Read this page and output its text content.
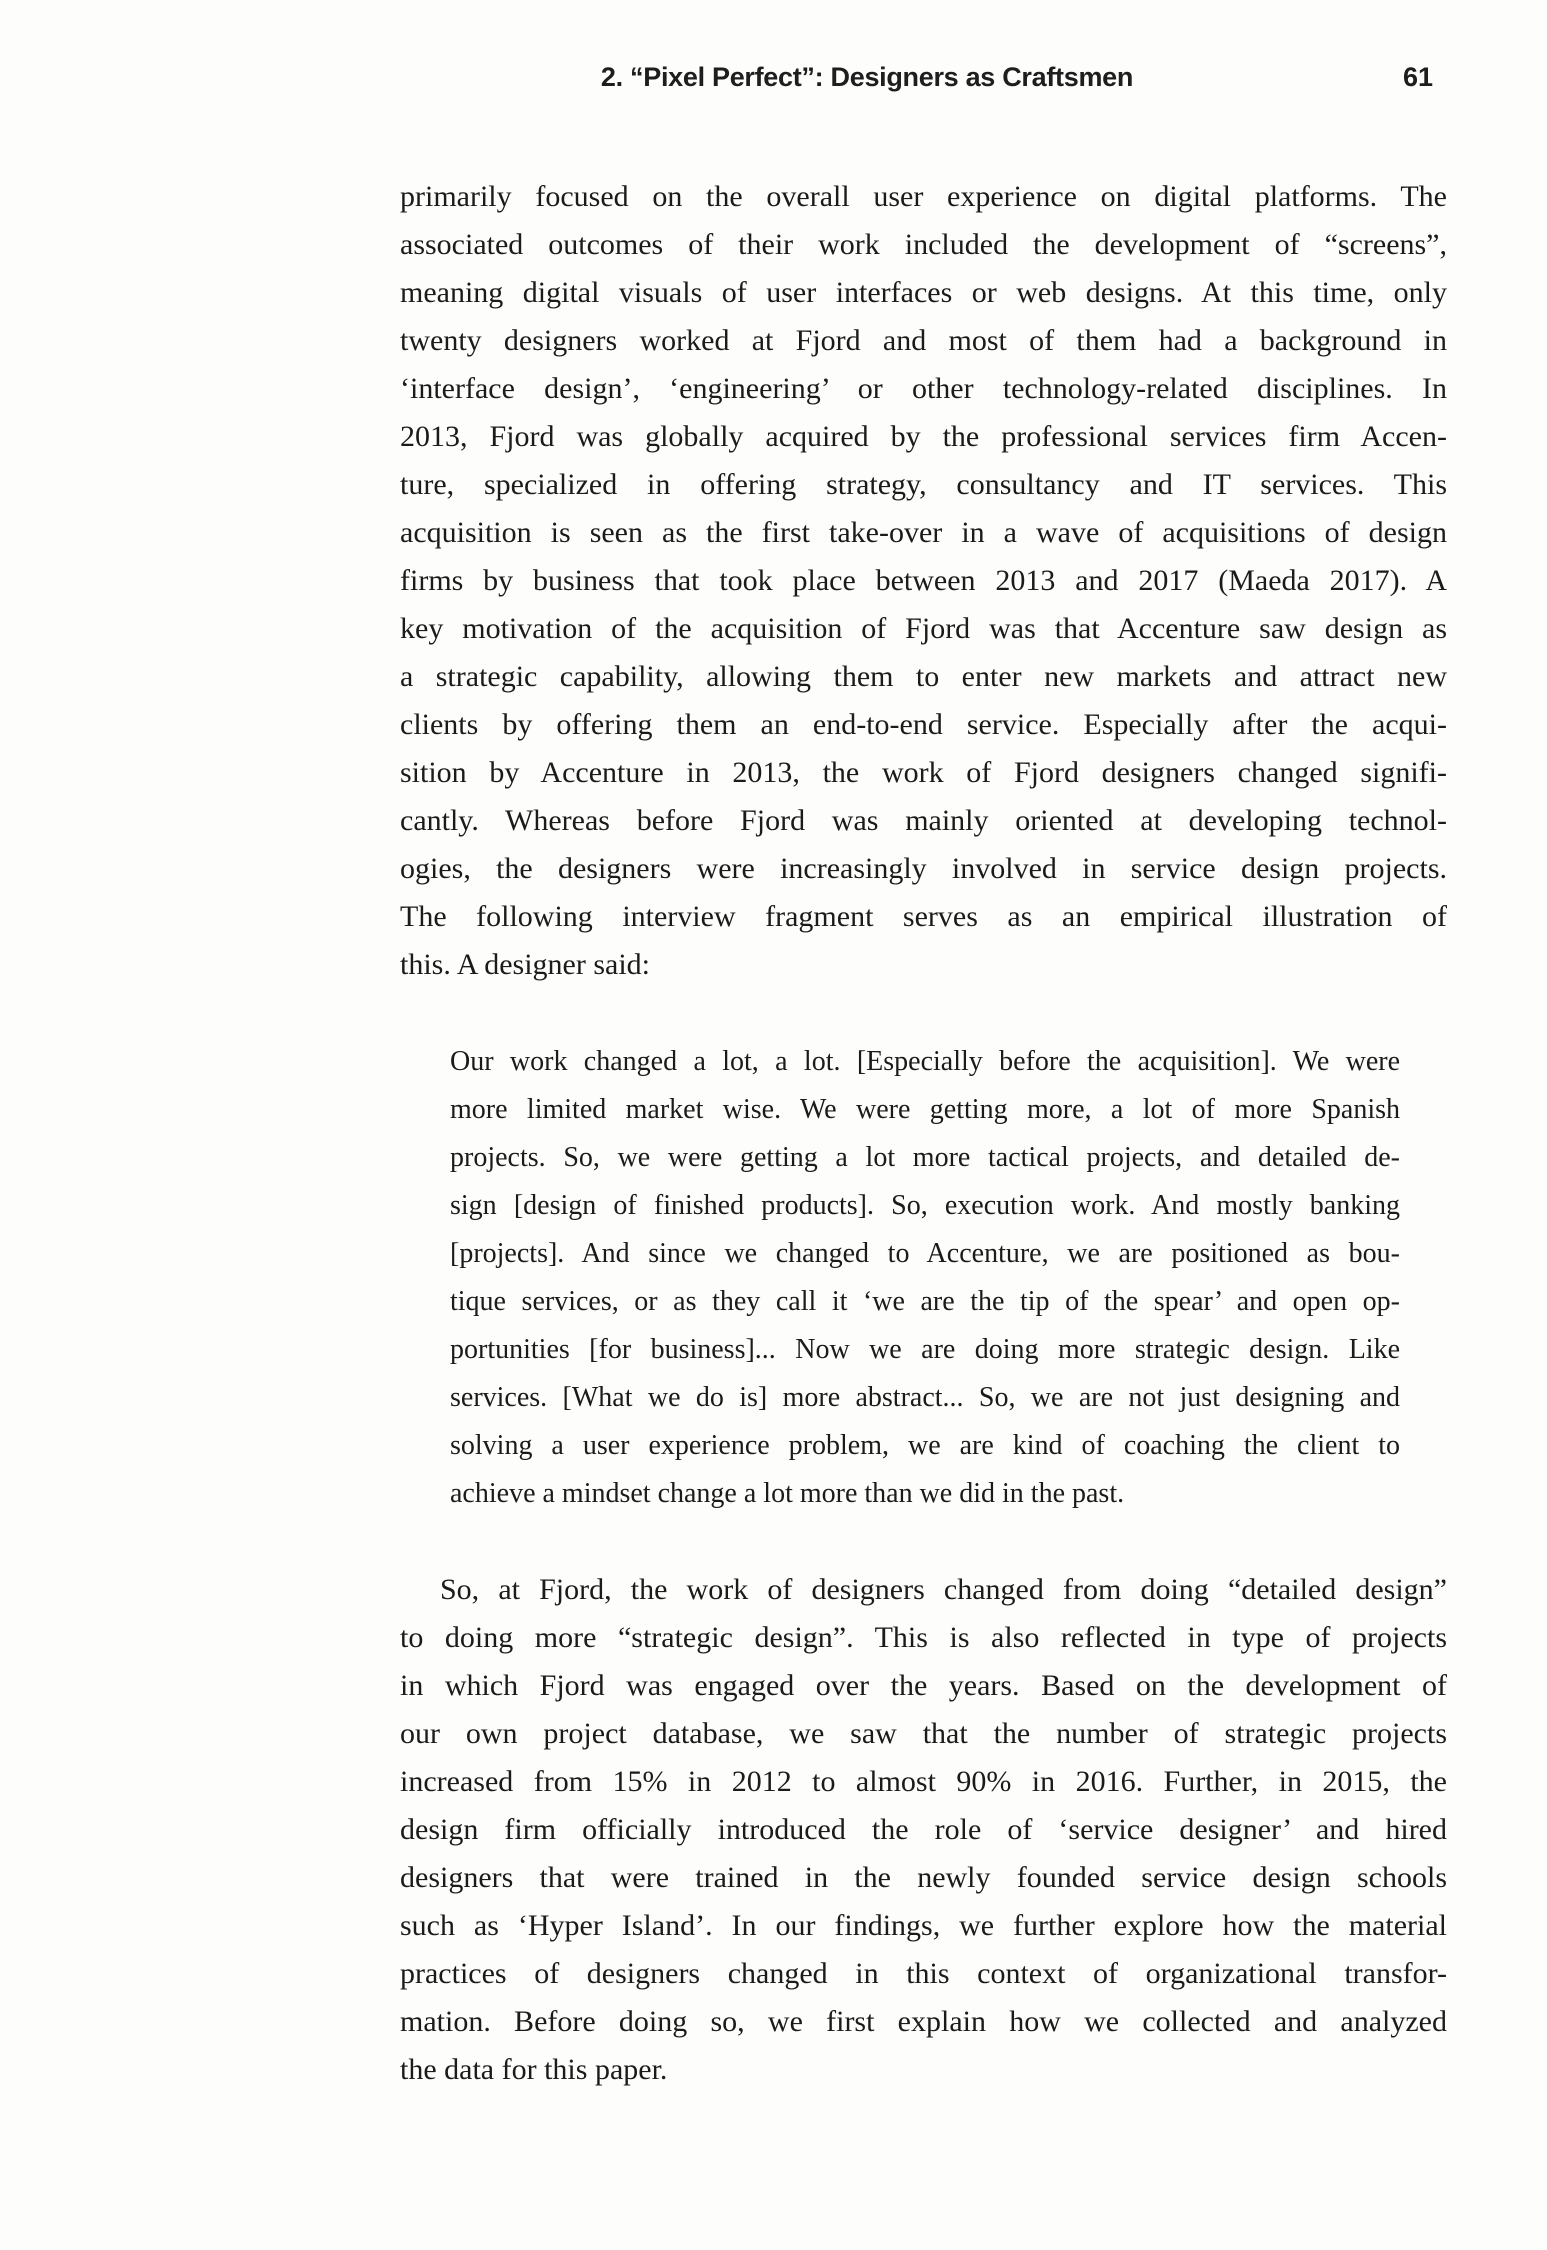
2. “Pixel Perfect”: Designers as Craftsmen	61
primarily focused on the overall user experience on digital platforms. The
associated outcomes of their work included the development of “screens”,
meaning digital visuals of user interfaces or web designs. At this time, only
twenty designers worked at Fjord and most of them had a background in
‘interface design’, ‘engineering’ or other technology-related disciplines. In
2013, Fjord was globally acquired by the professional services firm Accen-
ture, specialized in offering strategy, consultancy and IT services. This
acquisition is seen as the first take-over in a wave of acquisitions of design
firms by business that took place between 2013 and 2017 (Maeda 2017). A
key motivation of the acquisition of Fjord was that Accenture saw design as
a strategic capability, allowing them to enter new markets and attract new
clients by offering them an end-to-end service. Especially after the acqui-
sition by Accenture in 2013, the work of Fjord designers changed signifi-
cantly. Whereas before Fjord was mainly oriented at developing technol-
ogies, the designers were increasingly involved in service design projects.
The following interview fragment serves as an empirical illustration of
this. A designer said:
Our work changed a lot, a lot. [Especially before the acquisition]. We were
more limited market wise. We were getting more, a lot of more Spanish
projects. So, we were getting a lot more tactical projects, and detailed de-
sign [design of finished products]. So, execution work. And mostly banking
[projects]. And since we changed to Accenture, we are positioned as bou-
tique services, or as they call it ‘we are the tip of the spear’ and open op-
portunities [for business]... Now we are doing more strategic design. Like
services. [What we do is] more abstract... So, we are not just designing and
solving a user experience problem, we are kind of coaching the client to
achieve a mindset change a lot more than we did in the past.
So, at Fjord, the work of designers changed from doing “detailed design”
to doing more “strategic design”. This is also reflected in type of projects
in which Fjord was engaged over the years. Based on the development of
our own project database, we saw that the number of strategic projects
increased from 15% in 2012 to almost 90% in 2016. Further, in 2015, the
design firm officially introduced the role of ‘service designer’ and hired
designers that were trained in the newly founded service design schools
such as ‘Hyper Island’. In our findings, we further explore how the material
practices of designers changed in this context of organizational transfor-
mation. Before doing so, we first explain how we collected and analyzed
the data for this paper.
